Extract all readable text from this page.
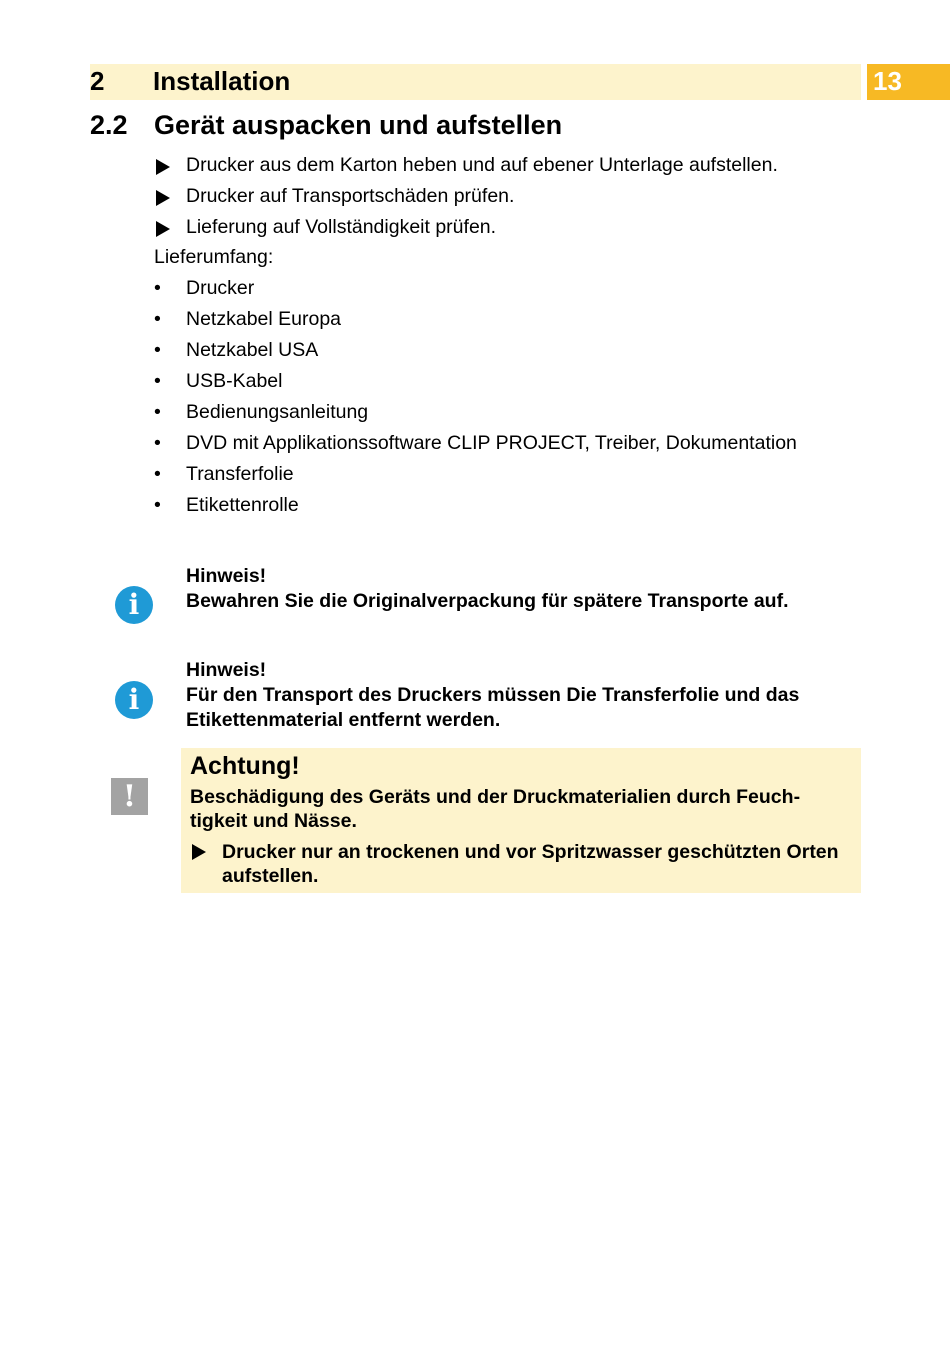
2 Installation	13
2.2 Gerät auspacken und aufstellen
Drucker aus dem Karton heben und auf ebener Unterlage aufstellen.
Drucker auf Transportschäden prüfen.
Lieferung auf Vollständigkeit prüfen.
Lieferumfang:
• Drucker
• Netzkabel Europa
• Netzkabel USA
• USB-Kabel
• Bedienungsanleitung
• DVD mit Applikationssoftware CLIP PROJECT, Treiber, Dokumentation
• Transferfolie
• Etikettenrolle
i
Hinweis!
Bewahren Sie die Originalverpackung für spätere Transporte auf.
i
Hinweis!
Für den Transport des Druckers müssen Die Transferfolie und das Etikettenmaterial entfernt werden.
!
Achtung!
Beschädigung des Geräts und der Druckmaterialien durch Feuch-tigkeit und Nässe.
Drucker nur an trockenen und vor Spritzwasser geschützten Orten aufstellen.
